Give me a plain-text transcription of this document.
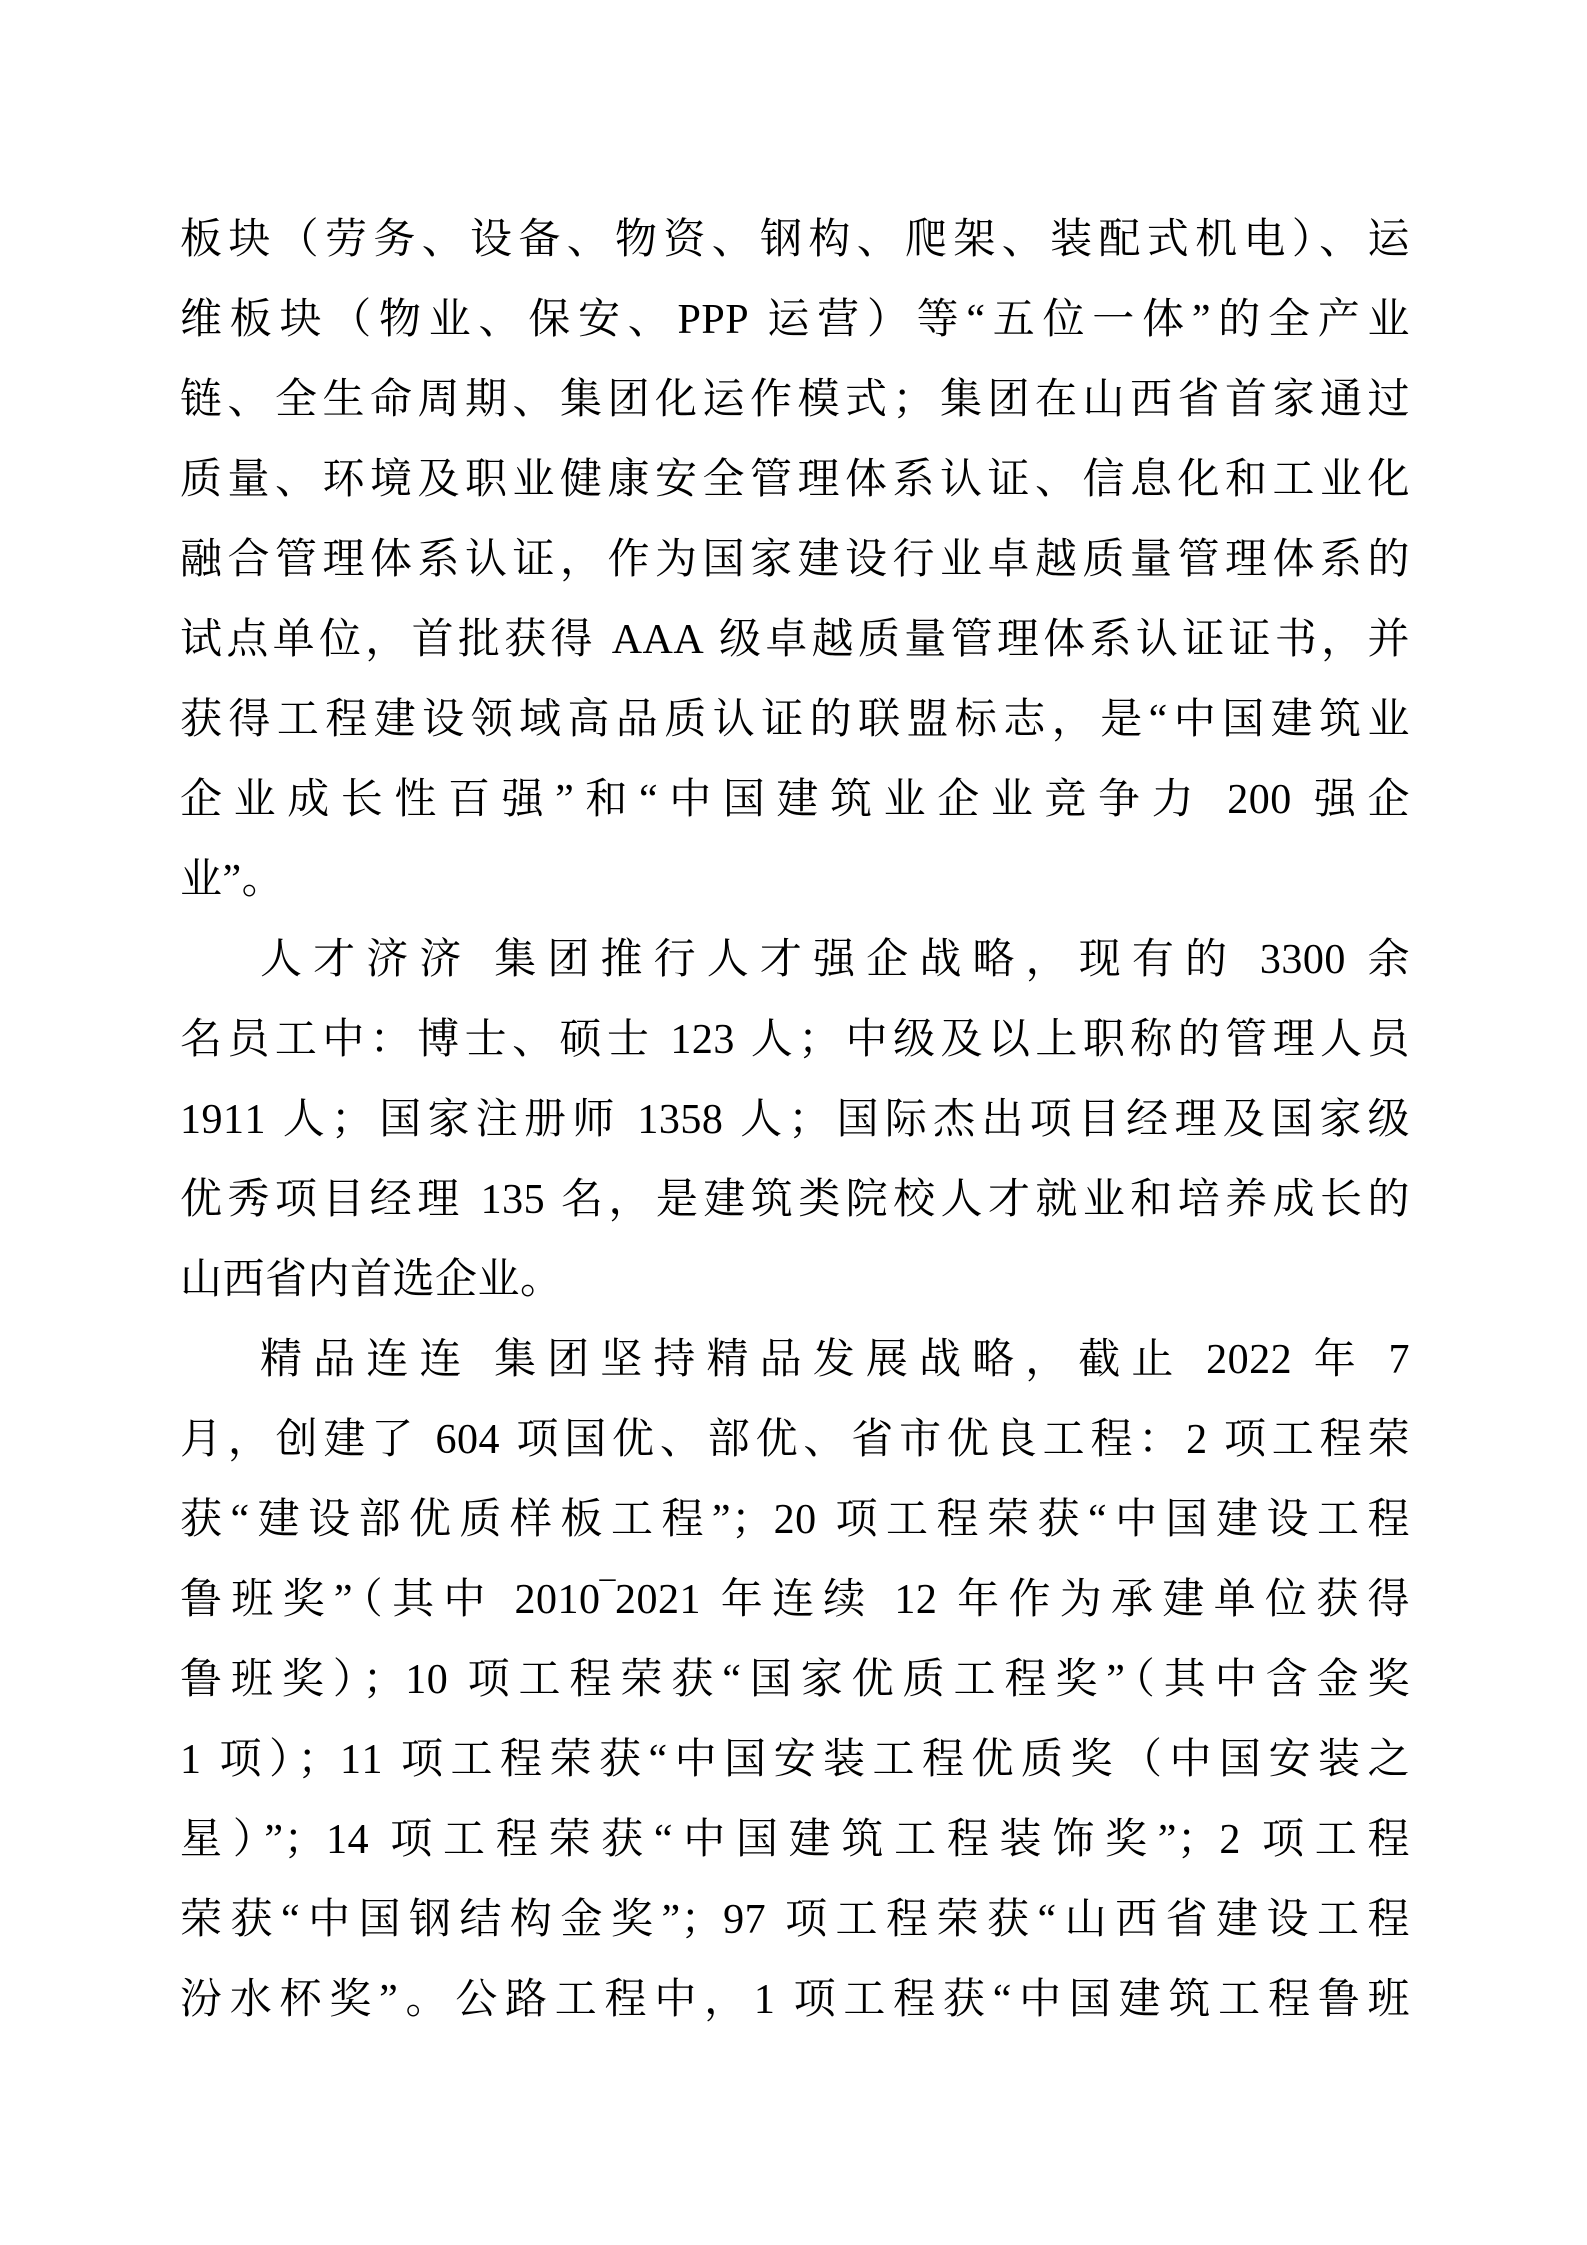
板块（劳务、设备、物资、钢构、爬架、装配式机电）、运
维板块（物业、保安、PPP 运营）等“五位一体”的全产业
链、全生命周期、集团化运作模式；集团在山西省首家通过
质量、环境及职业健康安全管理体系认证、信息化和工业化
融合管理体系认证，作为国家建设行业卓越质量管理体系的
试点单位，首批获得 AAA 级卓越质量管理体系认证证书，并
获得工程建设领域高品质认证的联盟标志，是“中国建筑业
企业成长性百强”和“中国建筑业企业竞争力 200 强企
业”。
人才济济 集团推行人才强企战略，现有的 3300 余
名员工中：博士、硕士 123 人；中级及以上职称的管理人员
1911 人；国家注册师 1358 人；国际杰出项目经理及国家级
优秀项目经理 135 名，是建筑类院校人才就业和培养成长的
山西省内首选企业。
精品连连 集团坚持精品发展战略，截止 2022 年 7
月，创建了 604 项国优、部优、省市优良工程：2 项工程荣
获“建设部优质样板工程”；20 项工程荣获“中国建设工程
鲁班奖”（其中 2010‾2021 年连续 12 年作为承建单位获得
鲁班奖）；10 项工程荣获“国家优质工程奖”（其中含金奖
1 项）；11 项工程荣获“中国安装工程优质奖（中国安装之
星）”；14 项工程荣获“中国建筑工程装饰奖”；2 项工程
荣获“中国钢结构金奖”；97 项工程荣获“山西省建设工程
汾水杯奖”。公路工程中，1 项工程获“中国建筑工程鲁班
